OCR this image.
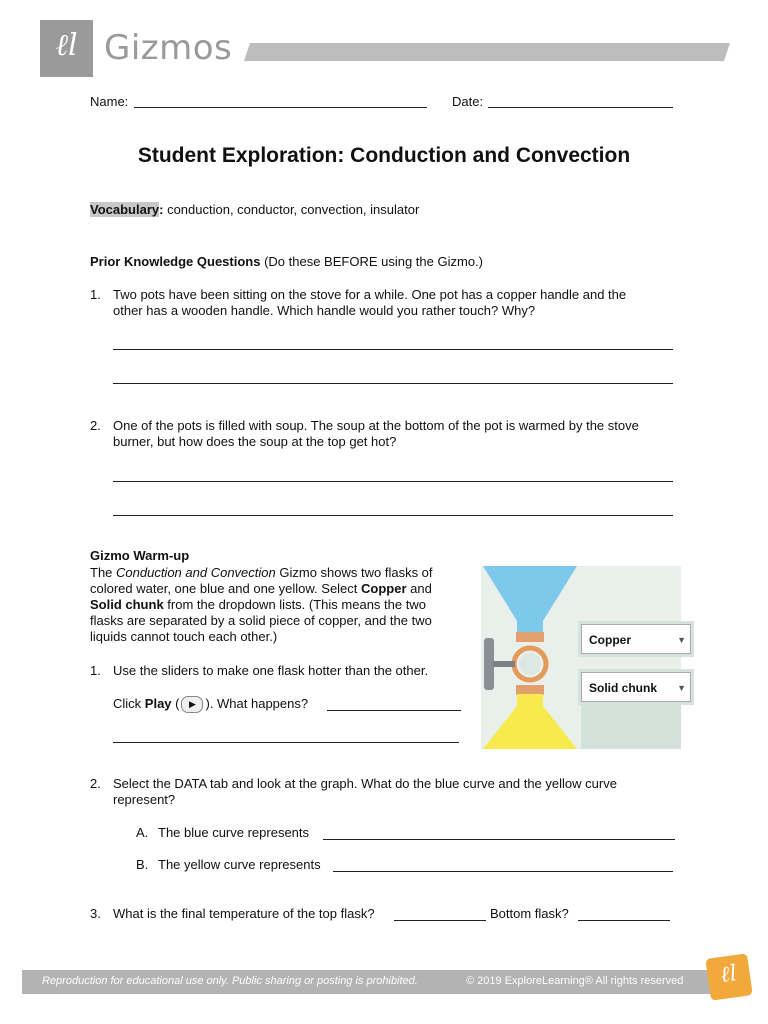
ℓl Gizmos
Name:	Date:
Student Exploration: Conduction and Convection
Vocabulary: conduction, conductor, convection, insulator
Prior Knowledge Questions (Do these BEFORE using the Gizmo.)
1. Two pots have been sitting on the stove for a while. One pot has a copper handle and the
other has a wooden handle. Which handle would you rather touch? Why?
2. One of the pots is filled with soup. The soup at the bottom of the pot is warmed by the stove
burner, but how does the soup at the top get hot?
Gizmo Warm-up
The Conduction and Convection Gizmo shows two flasks of
colored water, one blue and one yellow. Select Copper and
Solid chunk from the dropdown lists. (This means the two
flasks are separated by a solid piece of copper, and the two
liquids cannot touch each other.)
1. Use the sliders to make one flask hotter than the other.
Click Play ( ▶ ). What happens?
Copper	▼
Solid chunk ▼
2. Select the DATA tab and look at the graph. What do the blue curve and the yellow curve
represent?
A. The blue curve represents
B. The yellow curve represents
3. What is the final temperature of the top flask?	Bottom flask?
Reproduction for educational use only. Public sharing or posting is prohibited.	© 2019 ExploreLearning® All rights reserved	ℓl
